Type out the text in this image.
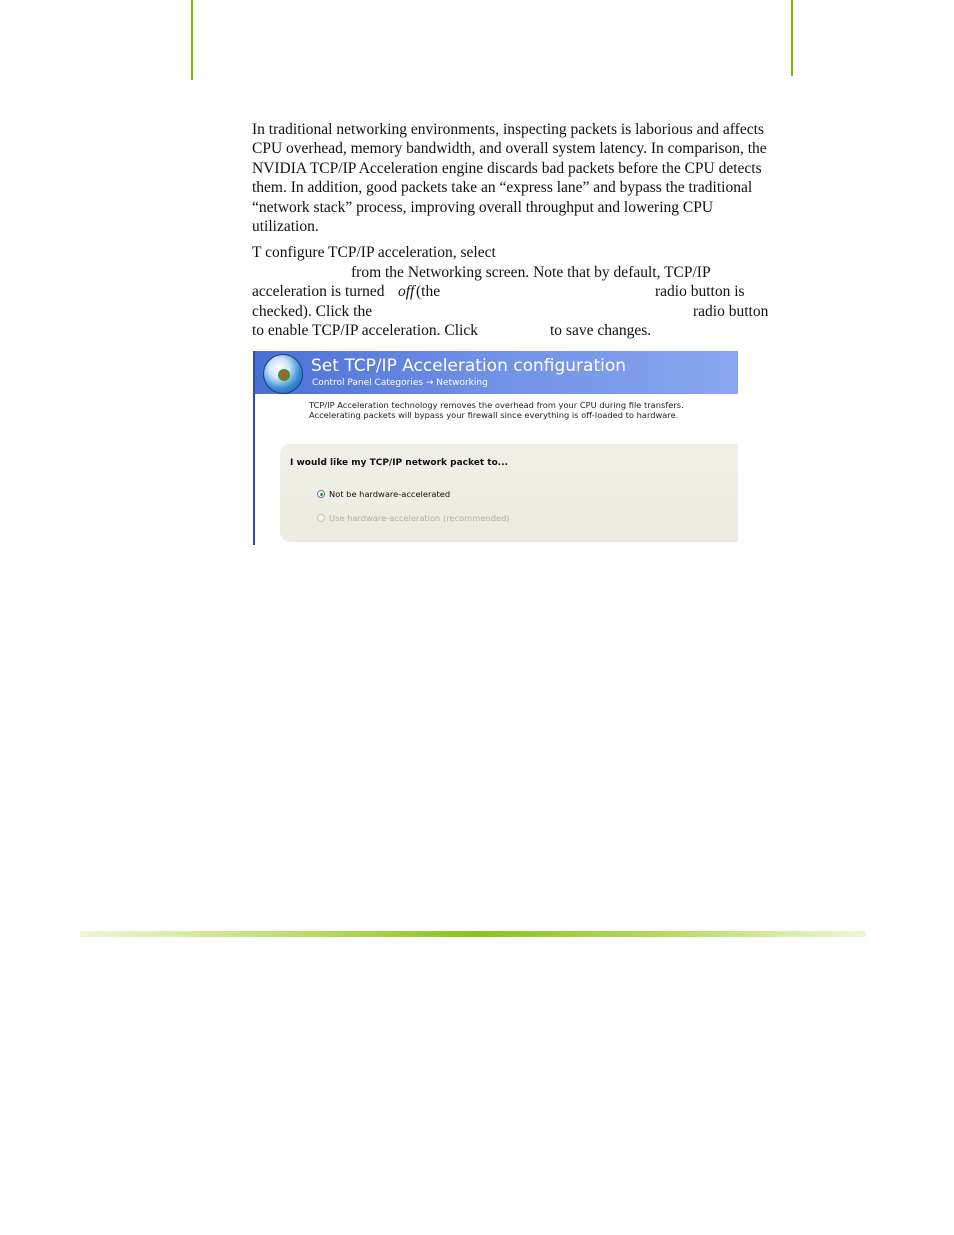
In traditional networking environments, inspecting packets is laborious and affects CPU overhead, memory bandwidth, and overall system latency. In comparison, the NVIDIA TCP/IP Acceleration engine discards bad packets before the CPU detects them. In addition, good packets take an “express lane” and bypass the traditional “network stack” process, improving overall throughput and lowering CPU utilization.

T configure TCP/IP acceleration, select
from the Networking screen. Note that by default, TCP/IP
acceleration is turned off (the	radio button is
checked). Click the	radio button
to enable TCP/IP acceleration. Click	to save changes.
Set TCP/IP Acceleration configuration
Control Panel Categories → Networking
TCP/IP Acceleration technology removes the overhead from your CPU during file transfers. Accelerating packets will bypass your firewall since everything is off-loaded to hardware.
I would like my TCP/IP network packet to...
Not be hardware-accelerated
Use hardware-acceleration (recommended)
